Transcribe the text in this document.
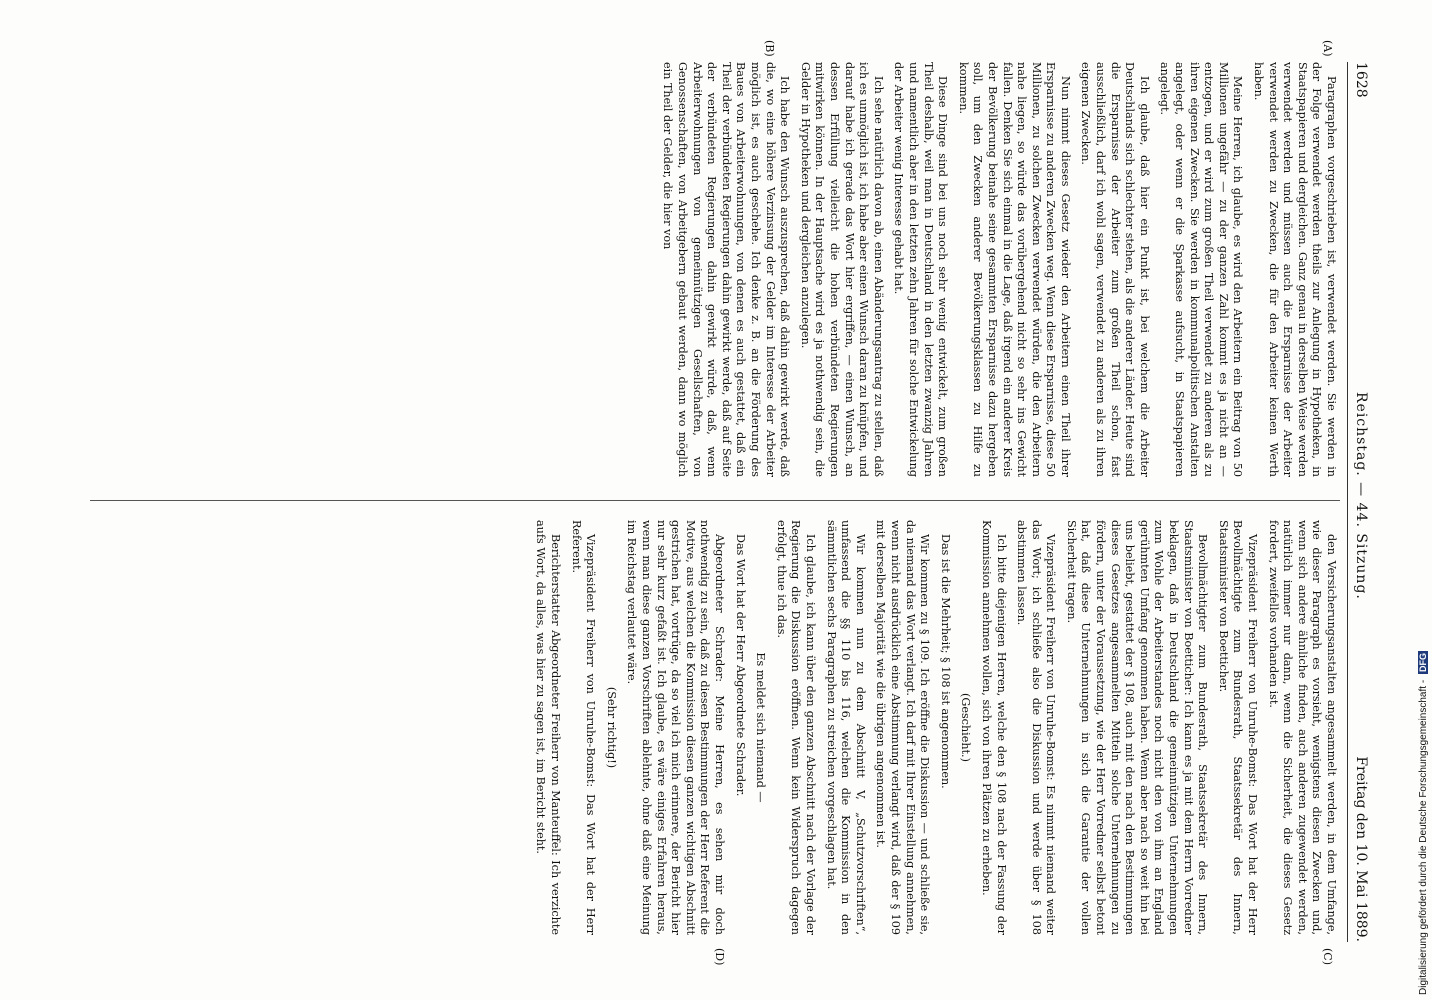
1628
Reichstag. — 44. Sitzung.
Freitag den 10. Mai 1889.
(A)
(B)
(C)
(D)

Paragraphen vorgeschrieben ist, verwendet werden. Sie werden in der Folge verwendet werden theils zur Anlegung in Hypotheken, in Staatspapieren und dergleichen. Ganz genau in derselben Weise werden verwendet werden und müssen auch die Ersparnisse der Arbeiter verwendet werden zu Zwecken, die für den Arbeiter keinen Werth haben.

Meine Herren, ich glaube, es wird den Arbeitern ein Beitrag von 50 Millionen ungefähr — zu der ganzen Zahl kommt es ja nicht an — entzogen, und er wird zum großen Theil verwendet zu anderen als zu ihren eigenen Zwecken. Sie werden in kommunalpolitischen Anstalten angelegt, oder wenn er die Sparkasse aufsucht, in Staatspapieren angelegt.

Ich glaube, daß hier ein Punkt ist, bei welchem die Arbeiter Deutschlands sich schlechter stehen, als die anderer Länder. Heute sind die Ersparnisse der Arbeiter zum großen Theil schon, fast ausschließlich, darf ich wohl sagen, verwendet zu anderen als zu ihren eigenen Zwecken.

Nun nimmt dieses Gesetz wieder den Arbeitern einen Theil ihrer Ersparnisse zu anderen Zwecken weg. Wenn diese Ersparnisse, diese 50 Millionen, zu solchen Zwecken verwendet würden, die den Arbeitern nahe liegen, so würde das vorübergehend nicht so sehr ins Gewicht fallen. Denken Sie sich einmal in die Lage, daß irgend ein anderer Kreis der Bevölkerung beinahe seine gesammten Ersparnisse dazu hergeben soll, um den Zwecken anderer Bevölkerungsklassen zu Hilfe zu kommen.

Diese Dinge sind bei uns noch sehr wenig entwickelt, zum großen Theil deshalb, weil man in Deutschland in den letzten zwanzig Jahren und namentlich aber in den letzten zehn Jahren für solche Entwickelung der Arbeiter wenig Interesse gehabt hat.

Ich sehe natürlich davon ab, einen Abänderungsantrag zu stellen, daß ich es unmöglich ist, ich habe aber einen Wunsch daran zu knüpfen, und darauf habe ich gerade das Wort hier ergriffen, — einen Wunsch, an dessen Erfüllung vielleicht die hohen verbündeten Regierungen mitwirken können. In der Hauptsache wird es ja nothwendig sein, die Gelder in Hypotheken und dergleichen anzulegen.

Ich habe den Wunsch auszusprechen, daß dahin gewirkt werde, daß die, wo eine höhere Verzinsung der Gelder im Interesse der Arbeiter möglich ist, es auch geschehe. Ich denke z. B. an die Förderung des Baues von Arbeiterwohnungen, von denen es auch gestattet, daß ein Theil der verbündeten Regierungen dahin gewirkt werde, daß auf Seite der verbündeten Regierungen dahin gewirkt würde, daß, wenn Arbeiterwohnungen von gemeinnützigen Gesellschaften, von Genossenschaften, von Arbeitgebern gebaut werden, dann wo möglich ein Theil der Gelder, die hier von

den Versicherungsanstalten angesammelt werden, in dem Umfange, wie dieser Paragraph es vorsieht, wenigstens diesen Zwecken und, wenn sich andere ähnliche finden, auch anderen zugewendet werden, natürlich immer nur dann, wenn die Sicherheit, die dieses Gesetz fordert, zweifellos vorhanden ist.

Vizepräsident Freiherr von Unruhe-Bomst: Das Wort hat der Herr Bevollmächtigte zum Bundesrath, Staatssekretär des Innern, Staatsminister von Boetticher.

Bevollmächtigter zum Bundesrath, Staatssekretär des Innern, Staatsminister von Boetticher: Ich kann es ja mit dem Herrn Vorredner beklagen, daß in Deutschland die gemeinnützigen Unternehmungen zum Wohle der Arbeiterstandes noch nicht den von ihm an England gerühmten Umfang genommen haben. Wenn aber nach so weit hin bei uns beliebt, gestattet der § 108, auch mit den nach den Bestimmungen dieses Gesetzes angesammelten Mitteln solche Unternehmungen zu fördern, unter der Voraussetzung, wie der Herr Vorredner selbst betont hat, daß diese Unternehmungen in sich die Garantie der vollen Sicherheit tragen.

Vizepräsident Freiherr von Unruhe-Bomst: Es nimmt niemand weiter das Wort; ich schließe also die Diskussion und werde über § 108 abstimmen lassen.

Ich bitte diejenigen Herren, welche den § 108 nach der Fassung der Kommission annehmen wollen, sich von ihren Plätzen zu erheben.

(Geschieht.)

Das ist die Mehrheit; § 108 ist angenommen.

Wir kommen zu § 109. Ich eröffne die Diskussion — und schließe sie, da niemand das Wort verlangt. Ich darf mit Ihrer Einstellung annehmen, wenn nicht ausdrücklich eine Abstimmung verlangt wird, daß der § 109 mit derselben Majorität wie die übrigen angenommen ist.

Wir kommen nun zu dem Abschnitt V, „Schutzvorschriften“, umfassend die §§ 110 bis 116, welchen die Kommission in den sämmtlichen sechs Paragraphen zu streichen vorgeschlagen hat.

Ich glaube, ich kann über den ganzen Abschnitt nach der Vorlage der Regierung die Diskussion eröffnen. Wenn kein Widerspruch dagegen erfolgt, thue ich das.

Es meldet sich niemand —

Das Wort hat der Herr Abgeordnete Schrader.

Abgeordneter Schrader: Meine Herren, es sehen mir doch nothwendig zu sein, daß zu diesen Bestimmungen der Herr Referent die Motive, aus welchen die Kommission diesen ganzen wichtigen Abschnitt gestrichen hat, vortrüge, da so viel ich mich erinnere, der Bericht hier nur sehr kurz gefaßt ist. Ich glaube, es wäre einiges Erfahren heraus, wenn man diese ganzen Vorschriften ablehnte, ohne daß eine Meinung im Reichstag verlautet wäre.

(Sehr richtig!)

Vizepräsident Freiherr von Unruhe-Bomst: Das Wort hat der Herr Referent.

Berichterstatter Abgeordneter Freiherr von Manteuffel: Ich verzichte aufs Wort, da alles, was hier zu sagen ist, im Bericht steht.	Digitalisierung gefördert durch die Deutsche Forschungsgemeinschaft - DFG
